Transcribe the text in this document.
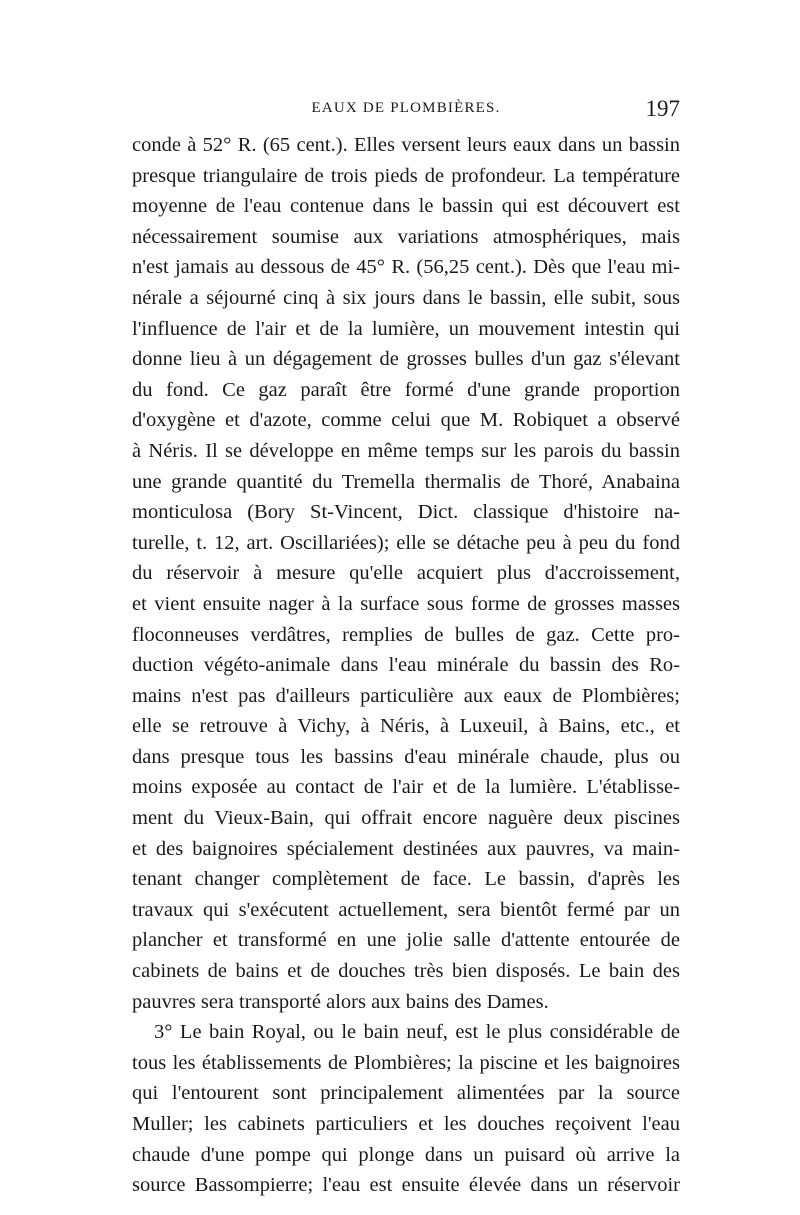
EAUX DE PLOMBIÈRES.	197
conde à 52° R. (65 cent.). Elles versent leurs eaux dans un bassin
presque triangulaire de trois pieds de profondeur. La température
moyenne de l'eau contenue dans le bassin qui est découvert est
nécessairement soumise aux variations atmosphériques, mais
n'est jamais au dessous de 45° R. (56,25 cent.). Dès que l'eau mi-
nérale a séjourné cinq à six jours dans le bassin, elle subit, sous
l'influence de l'air et de la lumière, un mouvement intestin qui
donne lieu à un dégagement de grosses bulles d'un gaz s'élevant
du fond. Ce gaz paraît être formé d'une grande proportion
d'oxygène et d'azote, comme celui que M. Robiquet a observé
à Néris. Il se développe en même temps sur les parois du bassin
une grande quantité du Tremella thermalis de Thoré, Anabaina
monticulosa (Bory St-Vincent, Dict. classique d'histoire na-
turelle, t. 12, art. Oscillariées); elle se détache peu à peu du fond
du réservoir à mesure qu'elle acquiert plus d'accroissement,
et vient ensuite nager à la surface sous forme de grosses masses
floconneuses verdâtres, remplies de bulles de gaz. Cette pro-
duction végéto-animale dans l'eau minérale du bassin des Ro-
mains n'est pas d'ailleurs particulière aux eaux de Plombières;
elle se retrouve à Vichy, à Néris, à Luxeuil, à Bains, etc., et
dans presque tous les bassins d'eau minérale chaude, plus ou
moins exposée au contact de l'air et de la lumière. L'établisse-
ment du Vieux-Bain, qui offrait encore naguère deux piscines
et des baignoires spécialement destinées aux pauvres, va main-
tenant changer complètement de face. Le bassin, d'après les
travaux qui s'exécutent actuellement, sera bientôt fermé par un
plancher et transformé en une jolie salle d'attente entourée de
cabinets de bains et de douches très bien disposés. Le bain des
pauvres sera transporté alors aux bains des Dames.
3° Le bain Royal, ou le bain neuf, est le plus considérable de
tous les établissements de Plombières; la piscine et les baignoires
qui l'entourent sont principalement alimentées par la source
Muller; les cabinets particuliers et les douches reçoivent l'eau
chaude d'une pompe qui plonge dans un puisard où arrive la
source Bassompierre; l'eau est ensuite élevée dans un réservoir
